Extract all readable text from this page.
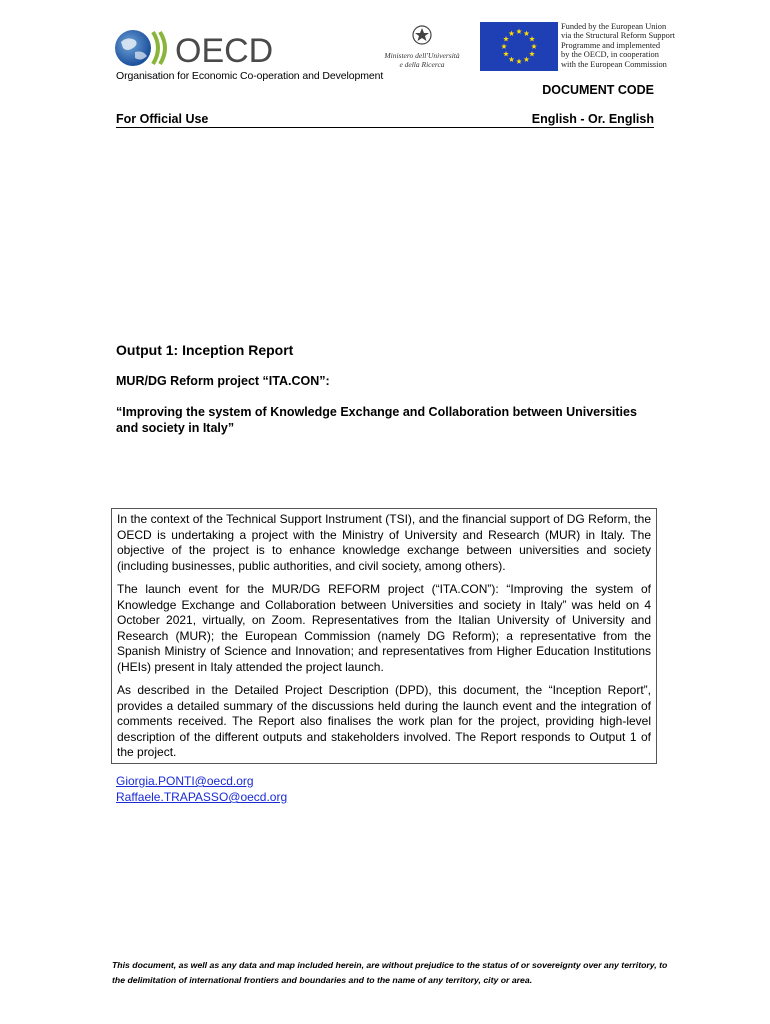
OECD
Organisation for Economic Co-operation and Development
Ministero dell'Università
e della Ricerca
Funded by the European Union
via the Structural Reform Support
Programme and implemented
by the OECD, in cooperation
with the European Commission
DOCUMENT CODE
For Official Use	English - Or. English
Output 1: Inception Report
MUR/DG Reform project “ITA.CON”:
“Improving the system of Knowledge Exchange and Collaboration between Universities and society in Italy”

In the context of the Technical Support Instrument (TSI), and the financial support of DG Reform, the OECD is undertaking a project with the Ministry of University and Research (MUR) in Italy. The objective of the project is to enhance knowledge exchange between universities and society (including businesses, public authorities, and civil society, among others).

The launch event for the MUR/DG REFORM project (“ITA.CON”): “Improving the system of Knowledge Exchange and Collaboration between Universities and society in Italy” was held on 4 October 2021, virtually, on Zoom. Representatives from the Italian University of University and Research (MUR); the European Commission (namely DG Reform); a representative from the Spanish Ministry of Science and Innovation; and representatives from Higher Education Institutions (HEIs) present in Italy attended the project launch.

As described in the Detailed Project Description (DPD), this document, the “Inception Report”, provides a detailed summary of the discussions held during the launch event and the integration of comments received. The Report also finalises the work plan for the project, providing high-level description of the different outputs and stakeholders involved. The Report responds to Output 1 of the project.

Giorgia.PONTI@oecd.org
Raffaele.TRAPASSO@oecd.org
This document, as well as any data and map included herein, are without prejudice to the status of or sovereignty over any territory, to the delimitation of international frontiers and boundaries and to the name of any territory, city or area.
